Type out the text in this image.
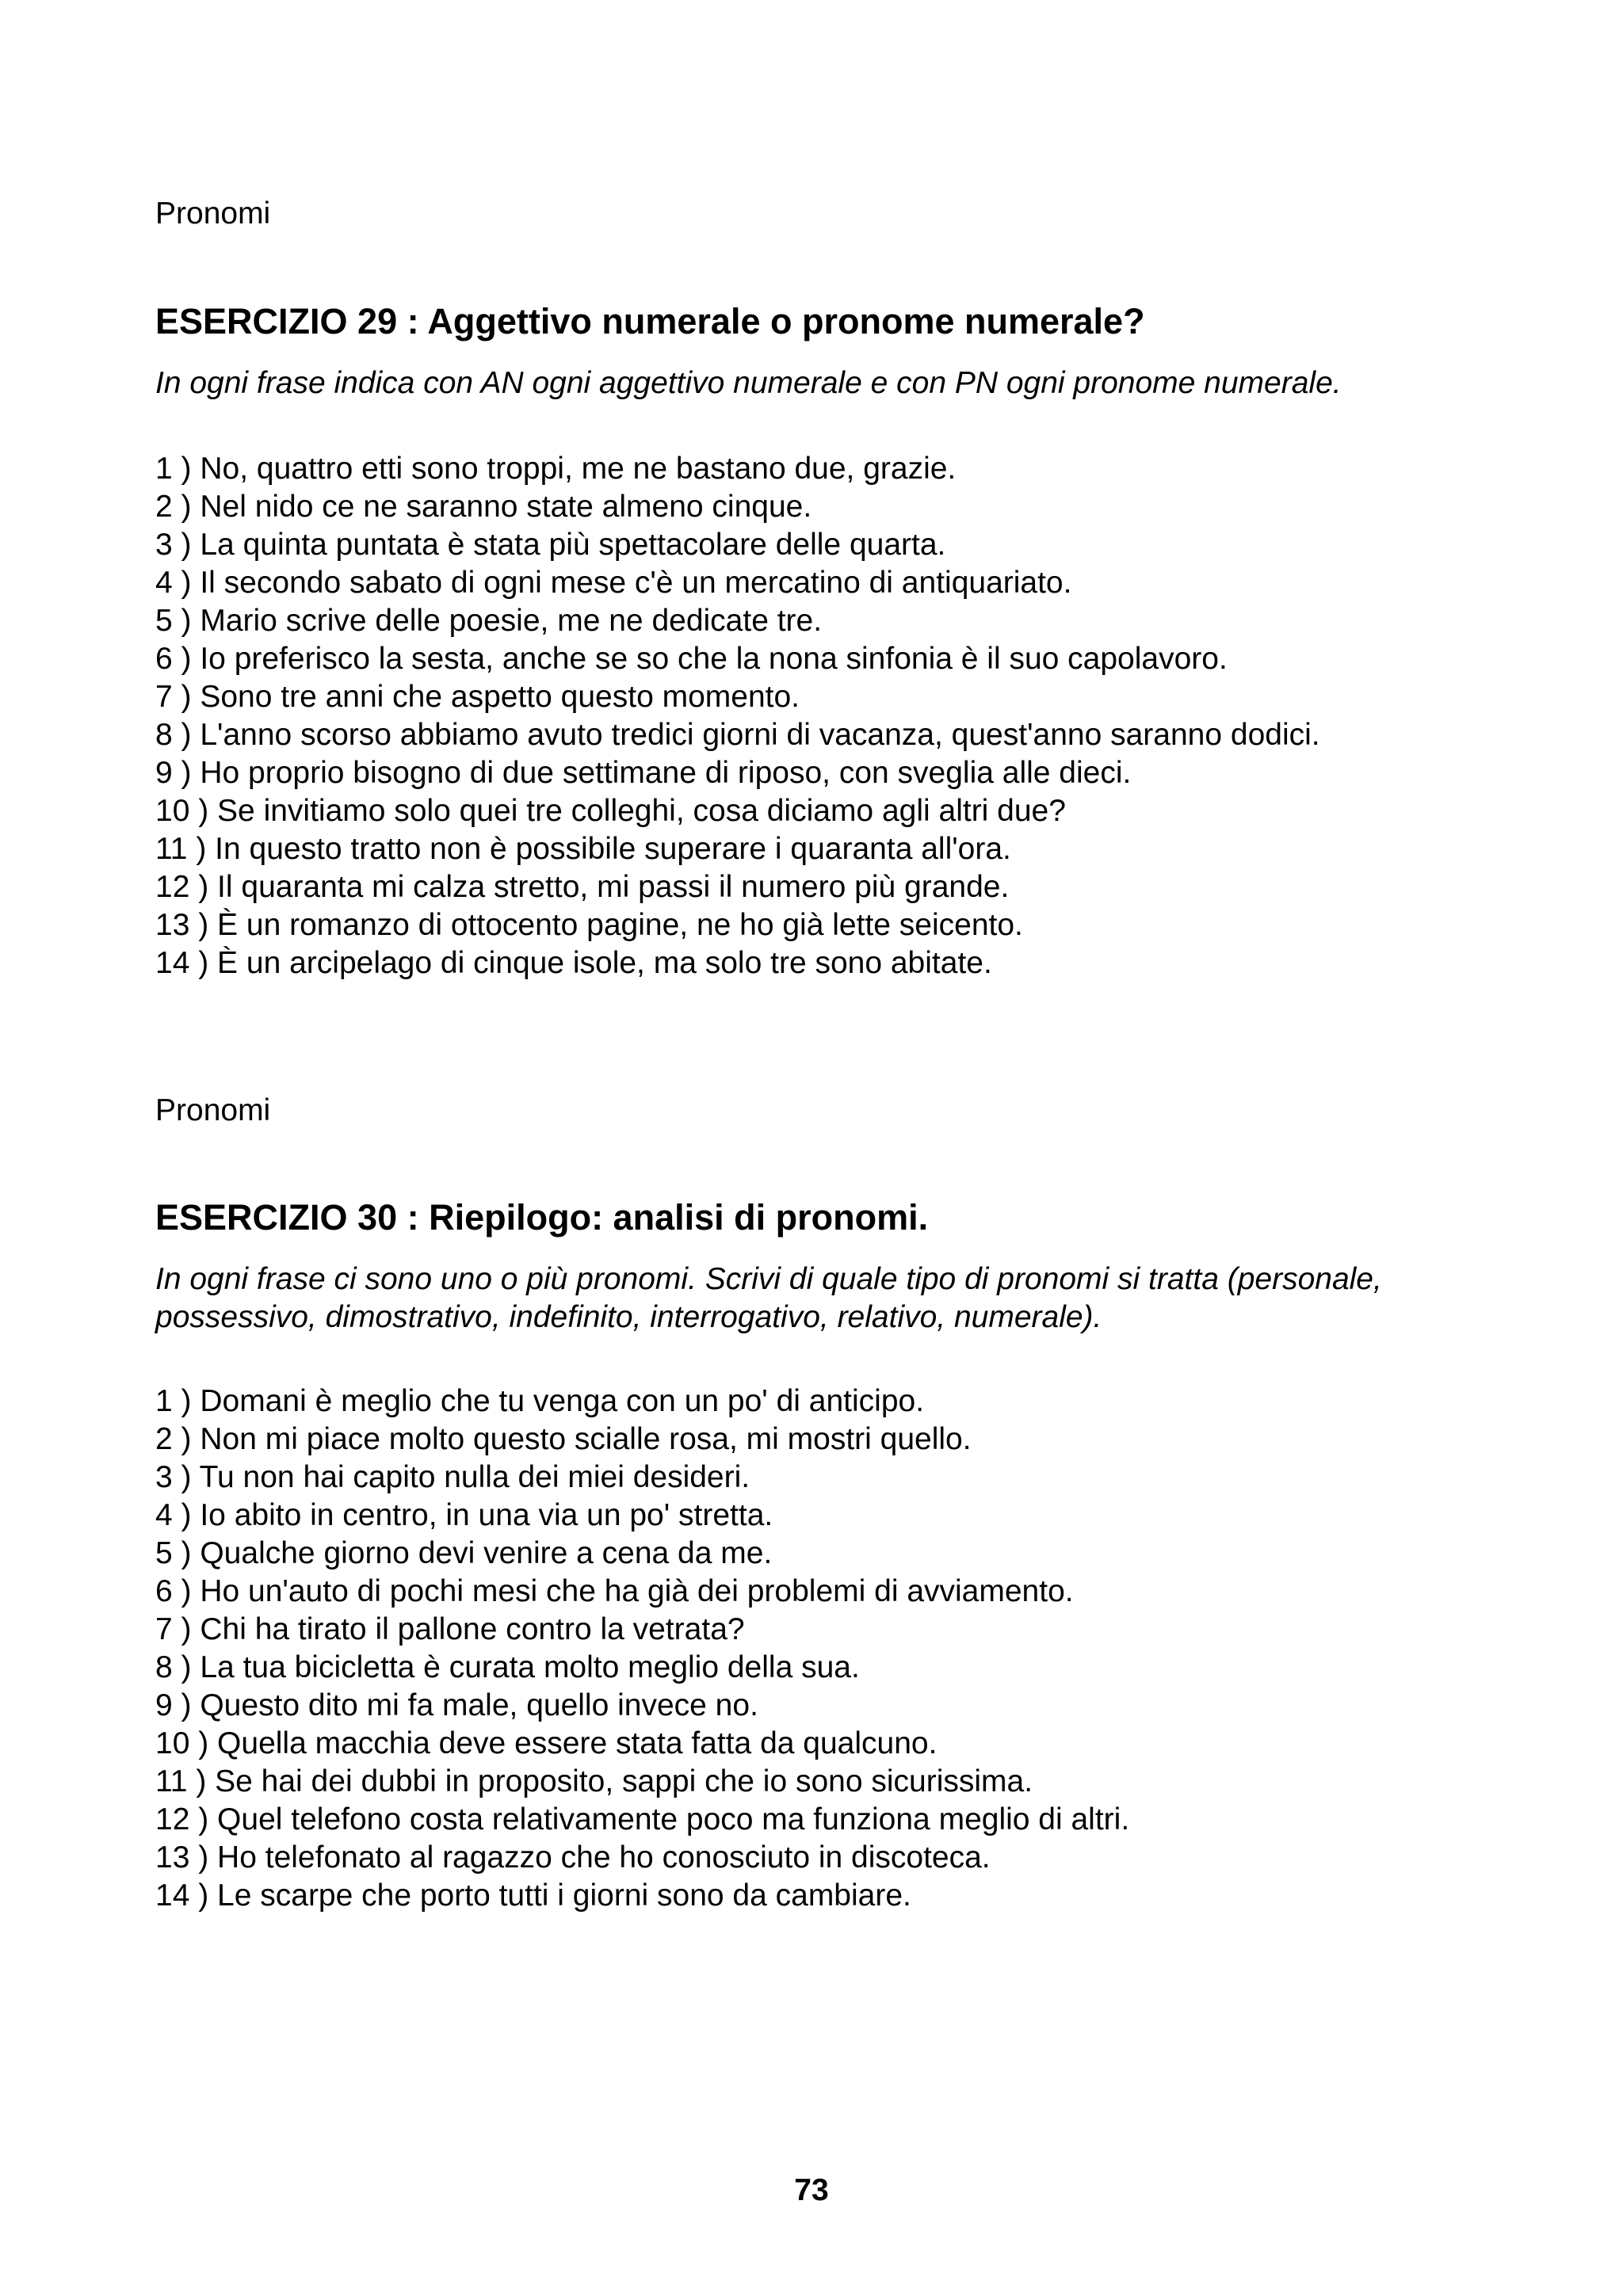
Pronomi

ESERCIZIO 29 : Aggettivo numerale o pronome numerale?

In ogni frase indica con AN ogni aggettivo numerale e con PN ogni pronome numerale.

1 ) No, quattro etti sono troppi, me ne bastano due, grazie.
2 ) Nel nido ce ne saranno state almeno cinque.
3 ) La quinta puntata è stata più spettacolare delle quarta.
4 ) Il secondo sabato di ogni mese c'è un mercatino di antiquariato.
5 ) Mario scrive delle poesie, me ne dedicate tre.
6 ) Io preferisco la sesta, anche se so che la nona sinfonia è il suo capolavoro.
7 ) Sono tre anni che aspetto questo momento.
8 ) L'anno scorso abbiamo avuto tredici giorni di vacanza, quest'anno saranno dodici.
9 ) Ho proprio bisogno di due settimane di riposo, con sveglia alle dieci.
10 ) Se invitiamo solo quei tre colleghi, cosa diciamo agli altri due?
11 ) In questo tratto non è possibile superare i quaranta all'ora.
12 ) Il quaranta mi calza stretto, mi passi il numero più grande.
13 ) È un romanzo di ottocento pagine, ne ho già lette seicento.
14 ) È un arcipelago di cinque isole, ma solo tre sono abitate.

Pronomi

ESERCIZIO 30 : Riepilogo: analisi di pronomi.

In ogni frase ci sono uno o più pronomi. Scrivi di quale tipo di pronomi si tratta (personale, possessivo, dimostrativo, indefinito, interrogativo, relativo, numerale).

1 ) Domani è meglio che tu venga con un po' di anticipo.
2 ) Non mi piace molto questo scialle rosa, mi mostri quello.
3 ) Tu non hai capito nulla dei miei desideri.
4 ) Io abito in centro, in una via un po' stretta.
5 ) Qualche giorno devi venire a cena da me.
6 ) Ho un'auto di pochi mesi che ha già dei problemi di avviamento.
7 ) Chi ha tirato il pallone contro la vetrata?
8 ) La tua bicicletta è curata molto meglio della sua.
9 ) Questo dito mi fa male, quello invece no.
10 ) Quella macchia deve essere stata fatta da qualcuno.
11 ) Se hai dei dubbi in proposito, sappi che io sono sicurissima.
12 ) Quel telefono costa relativamente poco ma funziona meglio di altri.
13 ) Ho telefonato al ragazzo che ho conosciuto in discoteca.
14 ) Le scarpe che porto tutti i giorni sono da cambiare.

73
